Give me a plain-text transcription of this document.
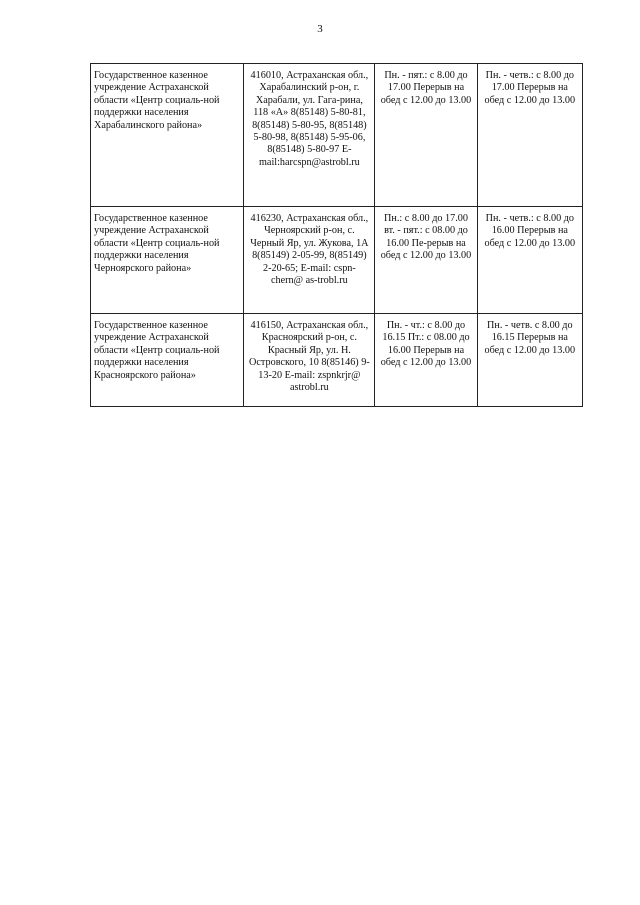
3
Государственное казенное учреждение Астраханской области «Центр социаль-ной поддержки населения Харабалинского района»	416010, Астраханская обл., Харабалинский р-он, г. Харабали, ул. Гага-рина, 118 «А» 8(85148) 5-80-81, 8(85148) 5-80-95, 8(85148) 5-80-98, 8(85148) 5-95-06, 8(85148) 5-80-97 E-mail:harcspn@astrobl.ru	Пн. - пят.: с 8.00 до 17.00 Перерыв на обед с 12.00 до 13.00	Пн. - четв.: с 8.00 до 17.00 Перерыв на обед с 12.00 до 13.00
Государственное казенное учреждение Астраханской области «Центр социаль-ной поддержки населения Черноярского района»	416230, Астраханская обл., Черноярский р-он, с. Черный Яр, ул. Жукова, 1А 8(85149) 2-05-99, 8(85149) 2-20-65; E-mail: cspn-chern@ as-trobl.ru	Пн.: с 8.00 до 17.00 вт. - пят.: с 08.00 до 16.00 Пе-рерыв на обед с 12.00 до 13.00	Пн. - четв.: с 8.00 до 16.00 Перерыв на обед с 12.00 до 13.00
Государственное казенное учреждение Астраханской области «Центр социаль-ной поддержки населения Красноярского района»	416150, Астраханская обл., Красноярский р-он, с. Красный Яр, ул. Н. Островского, 10 8(85146) 9-13-20 E-mail: zspnkrjr@ astrobl.ru	Пн. - чт.: с 8.00 до 16.15 Пт.: с 08.00 до 16.00 Перерыв на обед с 12.00 до 13.00	Пн. - четв. с 8.00 до 16.15 Перерыв на обед с 12.00 до 13.00
